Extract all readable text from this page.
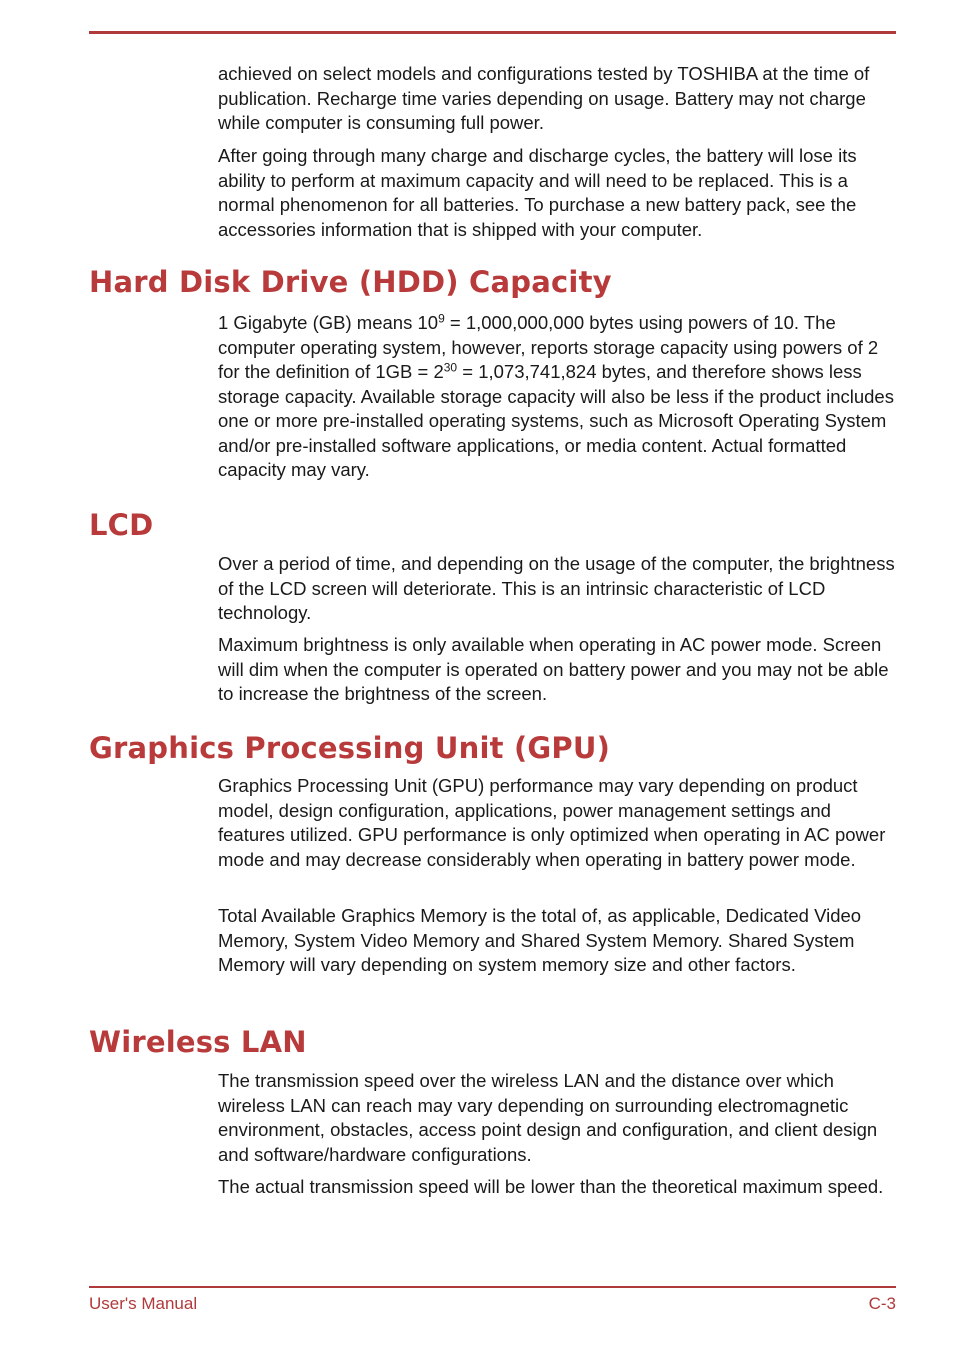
achieved on select models and configurations tested by TOSHIBA at the time of publication. Recharge time varies depending on usage. Battery may not charge while computer is consuming full power.

After going through many charge and discharge cycles, the battery will lose its ability to perform at maximum capacity and will need to be replaced. This is a normal phenomenon for all batteries. To purchase a new battery pack, see the accessories information that is shipped with your computer.

Hard Disk Drive (HDD) Capacity

1 Gigabyte (GB) means $10^9 = 1,000,000,000$ bytes using powers of 10. The computer operating system, however, reports storage capacity using powers of 2 for the definition of $1GB = 2^{30} = 1,073,741,824$ bytes, and therefore shows less storage capacity. Available storage capacity will also be less if the product includes one or more pre-installed operating systems, such as Microsoft Operating System and/or pre-installed software applications, or media content. Actual formatted capacity may vary.

LCD

Over a period of time, and depending on the usage of the computer, the brightness of the LCD screen will deteriorate. This is an intrinsic characteristic of LCD technology.

Maximum brightness is only available when operating in AC power mode. Screen will dim when the computer is operated on battery power and you may not be able to increase the brightness of the screen.

Graphics Processing Unit (GPU)

Graphics Processing Unit (GPU) performance may vary depending on product model, design configuration, applications, power management settings and features utilized. GPU performance is only optimized when operating in AC power mode and may decrease considerably when operating in battery power mode.

Total Available Graphics Memory is the total of, as applicable, Dedicated Video Memory, System Video Memory and Shared System Memory. Shared System Memory will vary depending on system memory size and other factors.

Wireless LAN

The transmission speed over the wireless LAN and the distance over which wireless LAN can reach may vary depending on surrounding electromagnetic environment, obstacles, access point design and configuration, and client design and software/hardware configurations.

The actual transmission speed will be lower than the theoretical maximum speed.

User's Manual	C-3
